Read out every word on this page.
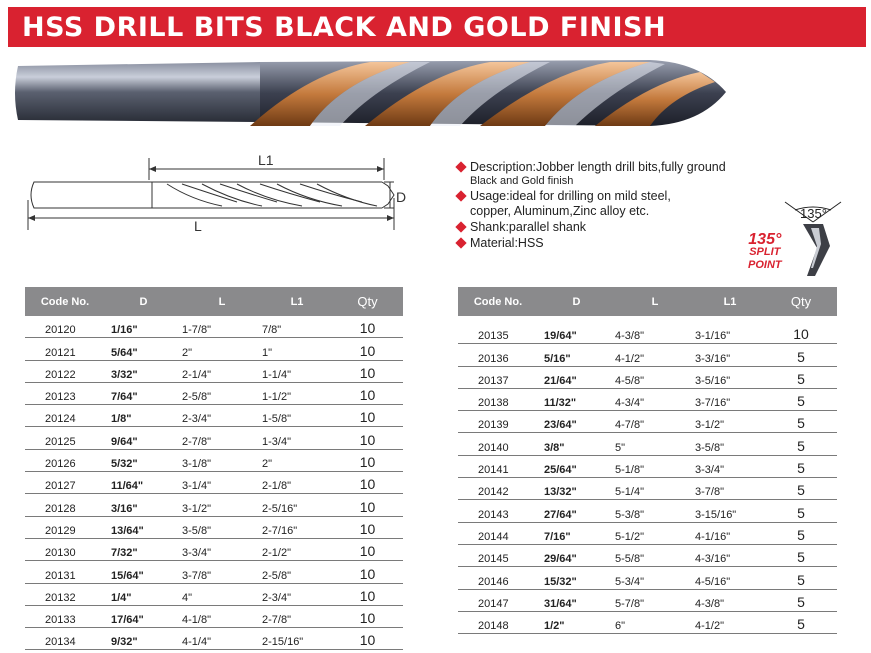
HSS DRILL BITS BLACK AND GOLD FINISH
L1
L
D
Description:Jobber length drill bits,fully ground
Black and Gold finish
Usage:ideal for drilling on mild steel,
copper, Aluminum,Zinc alloy etc.
Shank:parallel shank
Material:HSS
135°
135°
SPLIT
POINT
Code No.	D	L	L1	Qty
20120	1/16"	1-7/8"	7/8"	10
20121	5/64"	2"	1"	10
20122	3/32"	2-1/4"	1-1/4"	10
20123	7/64"	2-5/8"	1-1/2"	10
20124	1/8"	2-3/4"	1-5/8"	10
20125	9/64"	2-7/8"	1-3/4"	10
20126	5/32"	3-1/8"	2"	10
20127	11/64"	3-1/4"	2-1/8"	10
20128	3/16"	3-1/2"	2-5/16"	10
20129	13/64"	3-5/8"	2-7/16"	10
20130	7/32"	3-3/4"	2-1/2"	10
20131	15/64"	3-7/8"	2-5/8"	10
20132	1/4"	4"	2-3/4"	10
20133	17/64"	4-1/8"	2-7/8"	10
20134	9/32"	4-1/4"	2-15/16"	10
Code No.	D	L	L1	Qty
20135	19/64"	4-3/8"	3-1/16"	10
20136	5/16"	4-1/2"	3-3/16"	5
20137	21/64"	4-5/8"	3-5/16"	5
20138	11/32"	4-3/4"	3-7/16"	5
20139	23/64"	4-7/8"	3-1/2"	5
20140	3/8"	5"	3-5/8"	5
20141	25/64"	5-1/8"	3-3/4"	5
20142	13/32"	5-1/4"	3-7/8"	5
20143	27/64"	5-3/8"	3-15/16"	5
20144	7/16"	5-1/2"	4-1/16"	5
20145	29/64"	5-5/8"	4-3/16"	5
20146	15/32"	5-3/4"	4-5/16"	5
20147	31/64"	5-7/8"	4-3/8"	5
20148	1/2"	6"	4-1/2"	5
